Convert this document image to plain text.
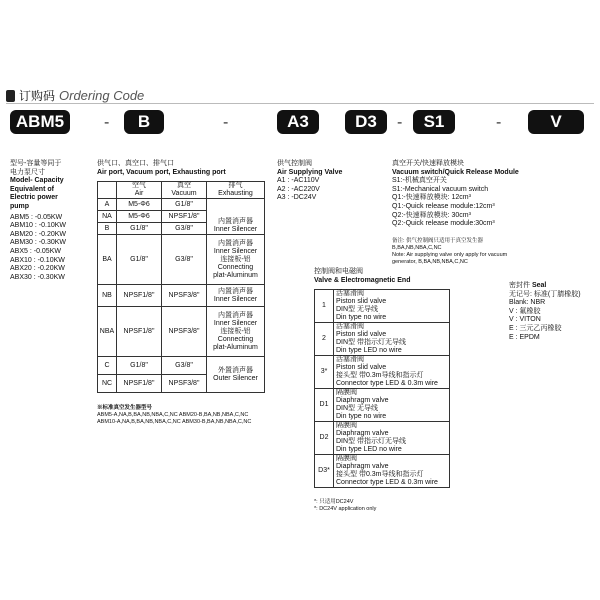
订购码 Ordering Code
ABM5	-	B	-	A3	D3	-	S1	-	V
型号-容量等同于
电力泵尺寸
Model- Capacity
Equivalent of
Electric power
pump
ABM5 : -0.05KW
ABM10 : -0.10KW
ABM20 : -0.20KW
ABM30 : -0.30KW
ABX5 : -0.05KW
ABX10 : -0.10KW
ABX20 : -0.20KW
ABX30 : -0.30KW
供气口、真空口、排气口
Air port, Vacuum port, Exhausting port
	空气
Air	真空
Vacuum	排气
Exhausting
A	M5-Φ6	G1/8"	内置消声器
Inner Silencer
NA	M5-Φ6	NPSF1/8"	
B	G1/8"	G3/8"	
BA	G1/8"	G3/8"	内置消声器
Inner Silencer
连接板-铝
Connecting
plat-Aluminum
NB	NPSF1/8"	NPSF3/8"	内置消声器
Inner Silencer
NBA	NPSF1/8"	NPSF3/8"	内置消声器
Inner Silencer
连接板-铝
Connecting
plat-Aluminum
C	G1/8"	G3/8"	外置消声器
Outer Silencer
NC	NPSF1/8"	NPSF3/8"	
※标准真空发生器型号
ABM5-A,NA,B,BA,NB,NBA,C,NC ABM20-B,BA,NB,NBA,C,NC
ABM10-A,NA,B,BA,NB,NBA,C,NC ABM30-B,BA,NB,NBA,C,NC
供气控制阀
Air Supplying Valve
A1 : -AC110V
A2 : -AC220V
A3 : -DC24V
控制阀和电磁阀
Valve & Electromagnetic End
1	活塞滑阀
Piston slid valve
DIN型 无导线
Din type no wire

2	活塞滑阀
Piston slid valve
DIN型 带指示灯无导线
Din type LED no wire

3*	活塞滑阀
Piston slid valve
接头型 带0.3m导线和指示灯
Connector type LED & 0.3m wire

D1	隔膜阀
Diaphragm valve
DIN型 无导线
Din type no wire

D2	隔膜阀
Diaphragm valve
DIN型 带指示灯无导线
Din type LED no wire

D3*	隔膜阀
Diaphragm valve
接头型 带0.3m导线和指示灯
Connector type LED & 0.3m wire
*: 只适用DC24V
*: DC24V application only
真空开关/快速释放模块
Vacuum switch/Quick Release Module
S1:-机械真空开关
S1:-Mechanical vacuum switch
Q1:-快速释放模块: 12cm³
Q1:-Quick release module:12cm³
Q2:-快速释放模块: 30cm³
Q2:-Quick release module:30cm³
备注: 供气控制阀只适用于真空发生器
B,BA,NB,NBA,C,NC
Note: Air supplying valve only apply for vacuum
generator, B,BA,NB,NBA,C,NC
密封件 Seal
无记号: 标准(丁腈橡胶)
Blank: NBR
V : 氟橡胶
V : VITON
E : 三元乙丙橡胶
E : EPDM
